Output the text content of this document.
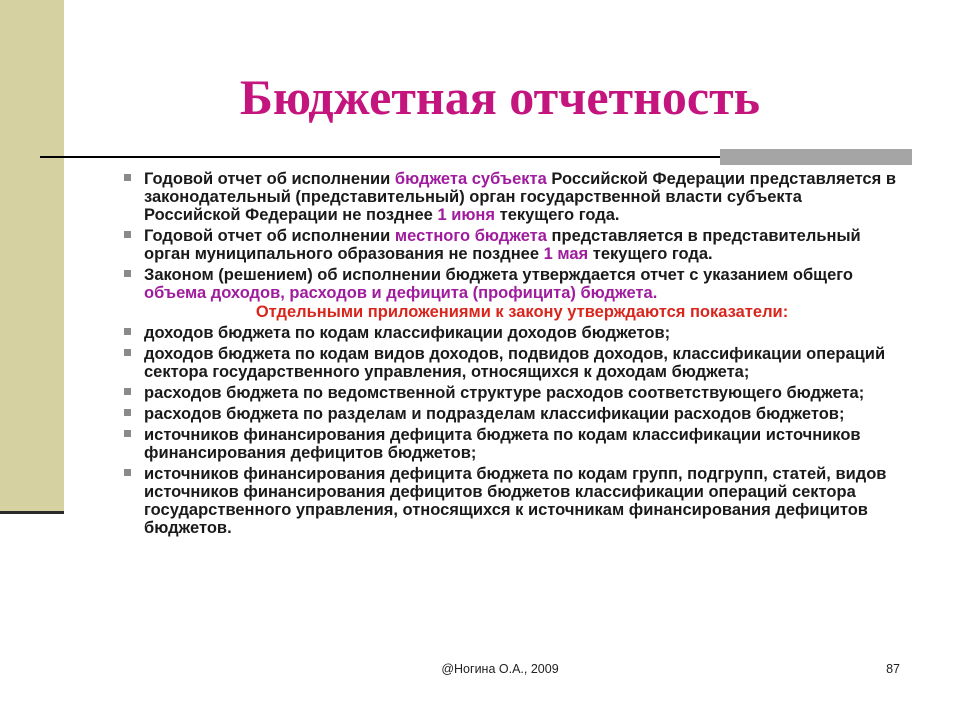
Бюджетная отчетность
Годовой отчет об исполнении бюджета субъекта Российской Федерации представляется в законодательный (представительный) орган государственной власти субъекта Российской Федерации не позднее 1 июня текущего года.
Годовой отчет об исполнении местного бюджета представляется в представительный орган муниципального образования не позднее 1 мая текущего года.
Законом (решением) об исполнении бюджета утверждается отчет с указанием общего объема доходов, расходов и дефицита (профицита) бюджета.
Отдельными приложениями к закону утверждаются показатели:
доходов бюджета по кодам классификации доходов бюджетов;
доходов бюджета по кодам видов доходов, подвидов доходов, классификации операций сектора государственного управления, относящихся к доходам бюджета;
расходов бюджета по ведомственной структуре расходов соответствующего бюджета;
расходов бюджета по разделам и подразделам классификации расходов бюджетов;
источников финансирования дефицита бюджета по кодам классификации источников финансирования дефицитов бюджетов;
источников финансирования дефицита бюджета по кодам групп, подгрупп, статей, видов источников финансирования дефицитов бюджетов классификации операций сектора государственного управления, относящихся к источникам финансирования дефицитов бюджетов.
@Ногина О.А., 2009	87
